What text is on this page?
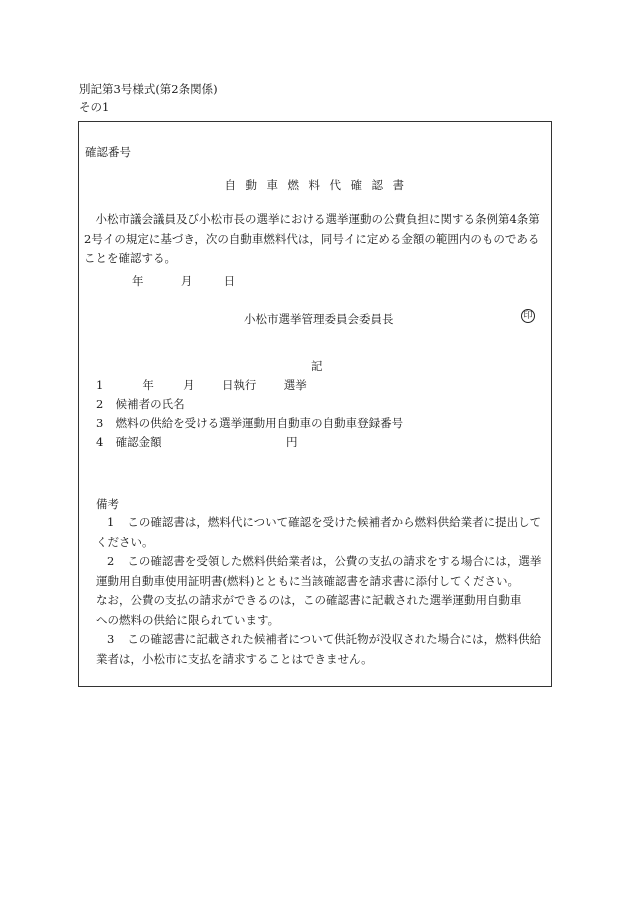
別記第3号様式(第2条関係)
その1
確認番号
自動車燃料代確認書
小松市議会議員及び小松市長の選挙における選挙運動の公費負担に関する条例第4条第
2号イの規定に基づき，次の自動車燃料代は，同号イに定める金額の範囲内のものである
ことを確認する。
年	月	日
小松市選挙管理委員会委員長	印
記
1	年	月 日執行 選挙
2 候補者の氏名
3 燃料の供給を受ける選挙運動用自動車の自動車登録番号
4 確認金額	円
備考
1 この確認書は，燃料代について確認を受けた候補者から燃料供給業者に提出して
ください。
2 この確認書を受領した燃料供給業者は，公費の支払の請求をする場合には，選挙
運動用自動車使用証明書(燃料)とともに当該確認書を請求書に添付してください。
なお，公費の支払の請求ができるのは，この確認書に記載された選挙運動用自動車
への燃料の供給に限られています。
3 この確認書に記載された候補者について供託物が没収された場合には，燃料供給
業者は，小松市に支払を請求することはできません。
